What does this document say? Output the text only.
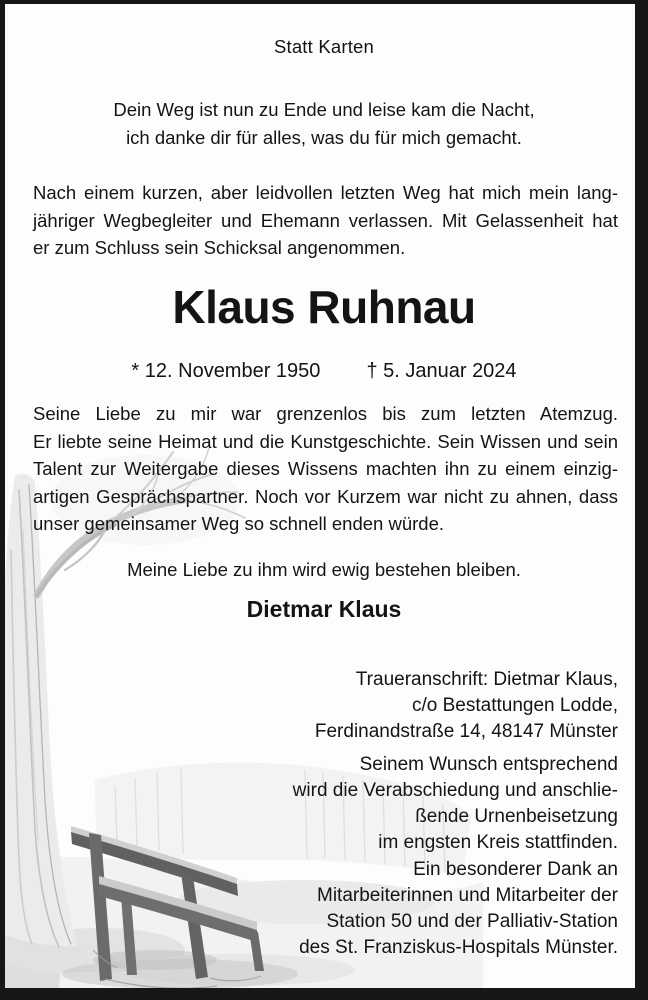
Statt Karten
Dein Weg ist nun zu Ende und leise kam die Nacht,
ich danke dir für alles, was du für mich gemacht.
Nach einem kurzen, aber leidvollen letzten Weg hat mich mein lang-
jähriger Wegbegleiter und Ehemann verlassen. Mit Gelassenheit hat
er zum Schluss sein Schicksal angenommen.
Klaus Ruhnau
* 12. November 1950 † 5. Januar 2024
Seine Liebe zu mir war grenzenlos bis zum letzten Atemzug.
Er liebte seine Heimat und die Kunstgeschichte. Sein Wissen und sein
Talent zur Weitergabe dieses Wissens machten ihn zu einem einzig-
artigen Gesprächspartner. Noch vor Kurzem war nicht zu ahnen, dass
unser gemeinsamer Weg so schnell enden würde.
Meine Liebe zu ihm wird ewig bestehen bleiben.
Dietmar Klaus
Traueranschrift: Dietmar Klaus,
c/o Bestattungen Lodde,
Ferdinandstraße 14, 48147 Münster
Seinem Wunsch entsprechend
wird die Verabschiedung und anschlie-
ßende Urnenbeisetzung
im engsten Kreis stattfinden.
Ein besonderer Dank an
Mitarbeiterinnen und Mitarbeiter der
Station 50 und der Palliativ-Station
des St. Franziskus-Hospitals Münster.
